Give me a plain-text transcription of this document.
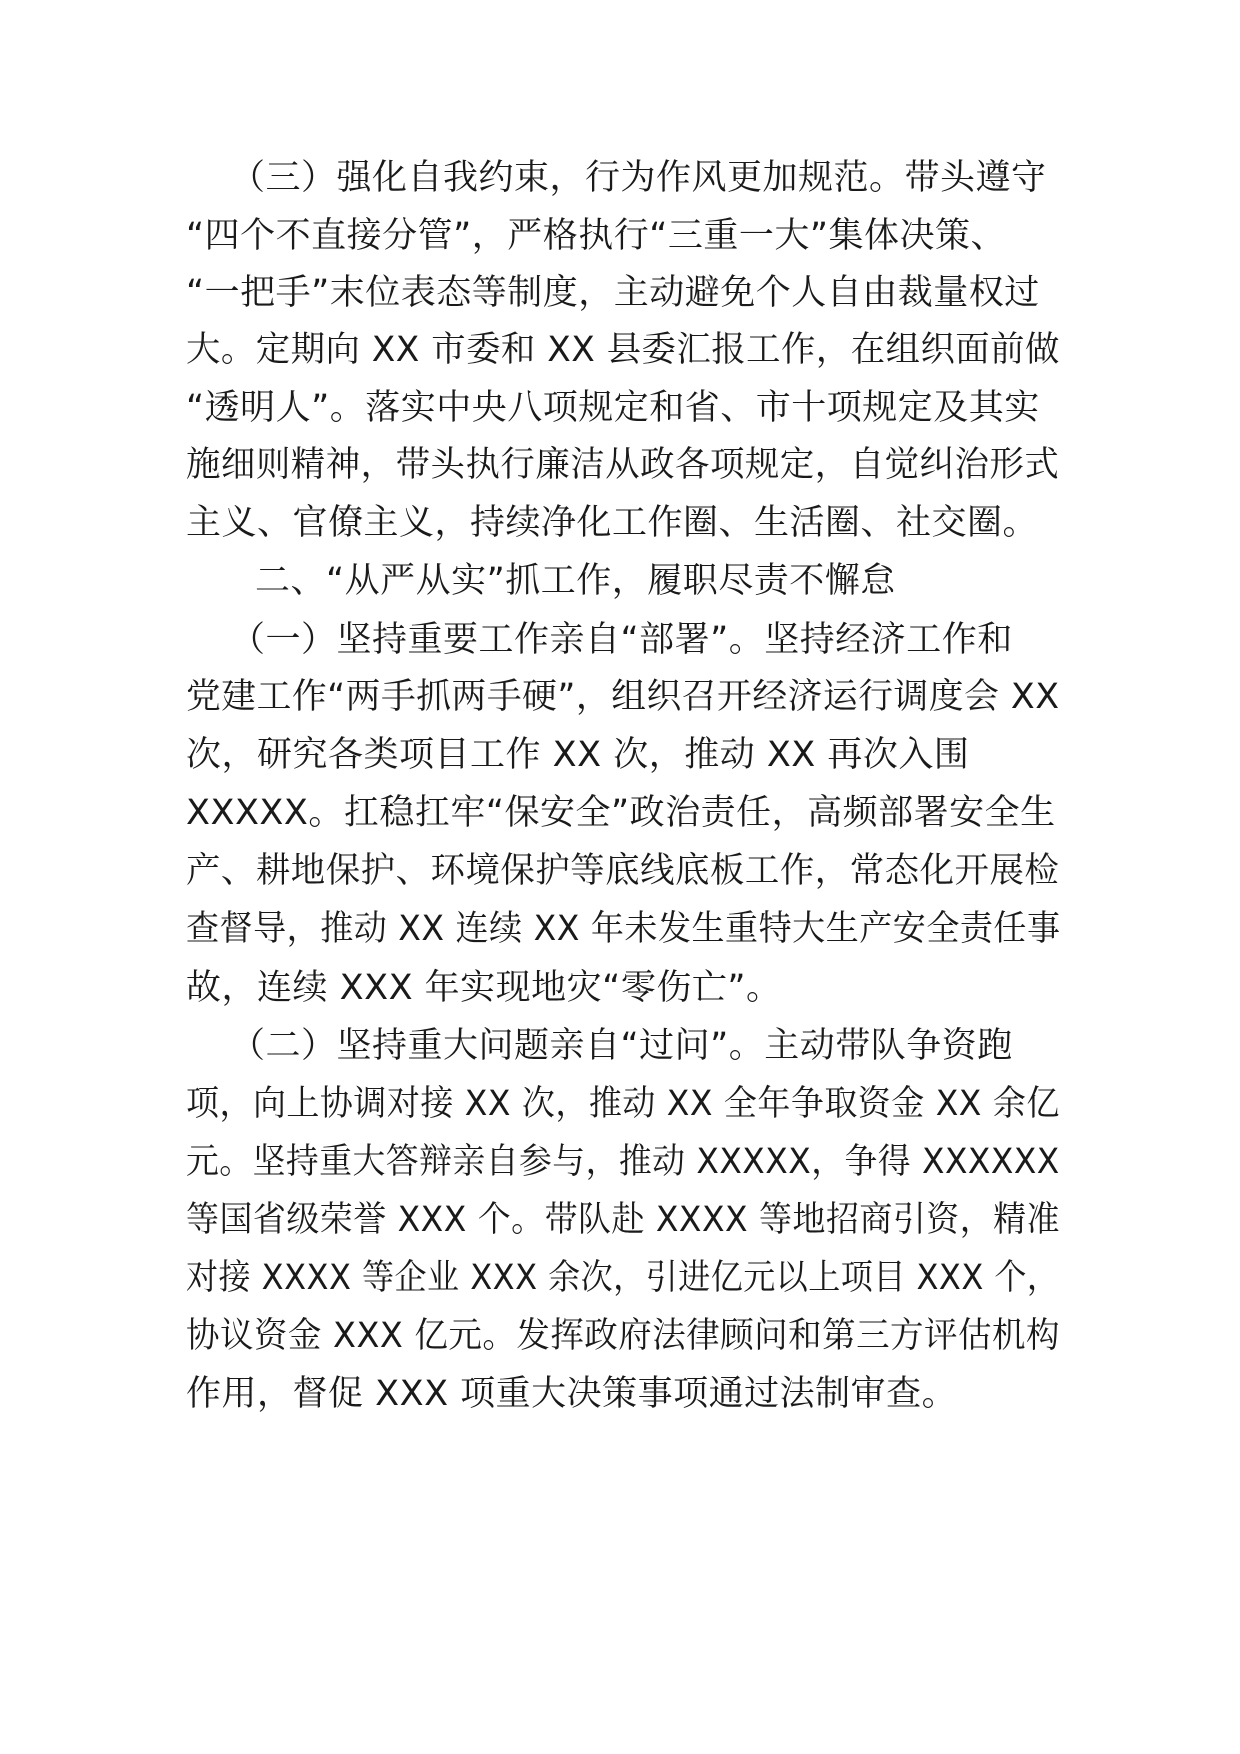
（三）强化自我约束，行为作风更加规范。带头遵守
“四个不直接分管”，严格执行“三重一大”集体决策、
“一把手”末位表态等制度，主动避免个人自由裁量权过
大。定期向 XX 市委和 XX 县委汇报工作，在组织面前做
“透明人”。落实中央八项规定和省、市十项规定及其实
施细则精神，带头执行廉洁从政各项规定，自觉纠治形式
主义、官僚主义，持续净化工作圈、生活圈、社交圈。
二、“从严从实”抓工作，履职尽责不懈怠
（一）坚持重要工作亲自“部署”。坚持经济工作和
党建工作“两手抓两手硬”，组织召开经济运行调度会 XX
次，研究各类项目工作 XX 次，推动 XX 再次入围
XXXXX。扛稳扛牢“保安全”政治责任，高频部署安全生
产、耕地保护、环境保护等底线底板工作，常态化开展检
查督导，推动 XX 连续 XX 年未发生重特大生产安全责任事
故，连续 XXX 年实现地灾“零伤亡”。
（二）坚持重大问题亲自“过问”。主动带队争资跑
项，向上协调对接 XX 次，推动 XX 全年争取资金 XX 余亿
元。坚持重大答辩亲自参与，推动 XXXXX，争得 XXXXXX
等国省级荣誉 XXX 个。带队赴 XXXX 等地招商引资，精准
对接 XXXX 等企业 XXX 余次，引进亿元以上项目 XXX 个，
协议资金 XXX 亿元。发挥政府法律顾问和第三方评估机构
作用，督促 XXX 项重大决策事项通过法制审查。
